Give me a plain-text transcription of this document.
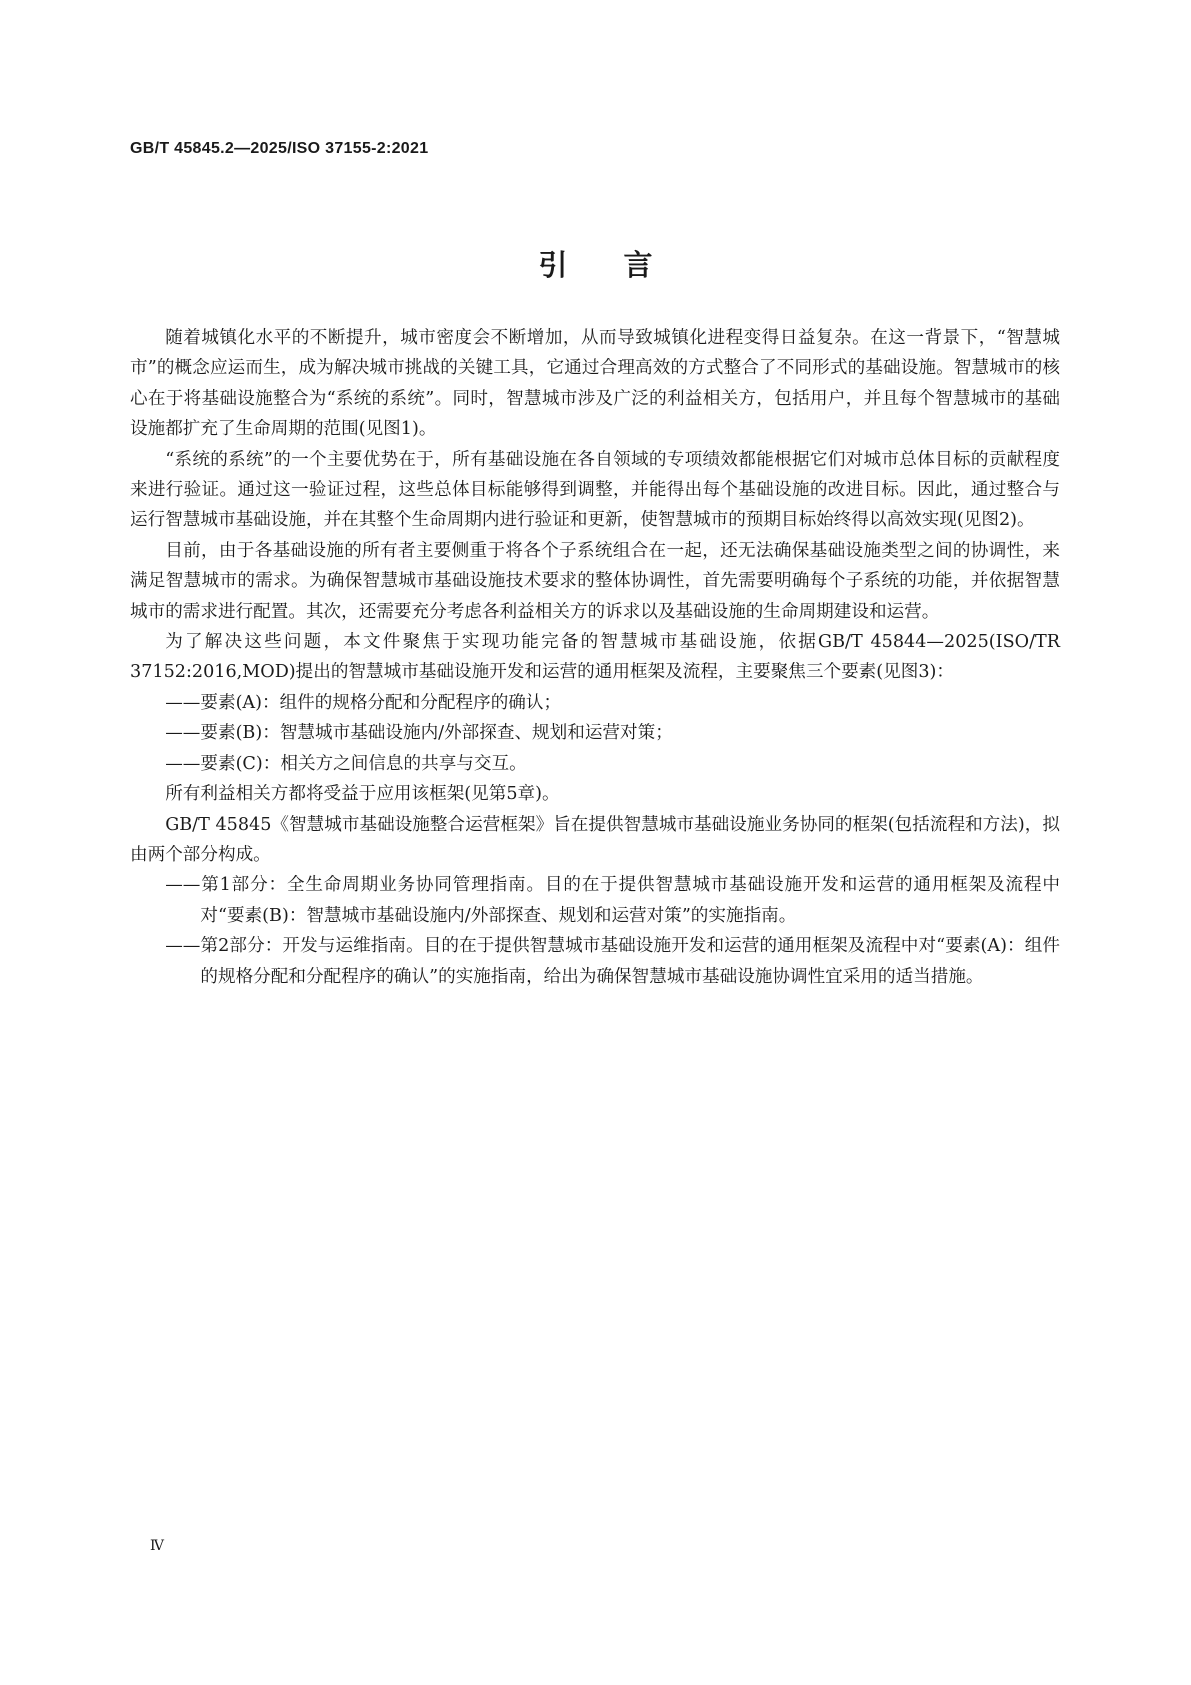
GB/T 45845.2—2025/ISO 37155-2:2021
引言

随着城镇化水平的不断提升，城市密度会不断增加，从而导致城镇化进程变得日益复杂。在这一背景下，“智慧城市”的概念应运而生，成为解决城市挑战的关键工具，它通过合理高效的方式整合了不同形式的基础设施。智慧城市的核心在于将基础设施整合为“系统的系统”。同时，智慧城市涉及广泛的利益相关方，包括用户，并且每个智慧城市的基础设施都扩充了生命周期的范围(见图1)。

“系统的系统”的一个主要优势在于，所有基础设施在各自领域的专项绩效都能根据它们对城市总体目标的贡献程度来进行验证。通过这一验证过程，这些总体目标能够得到调整，并能得出每个基础设施的改进目标。因此，通过整合与运行智慧城市基础设施，并在其整个生命周期内进行验证和更新，使智慧城市的预期目标始终得以高效实现(见图2)。

目前，由于各基础设施的所有者主要侧重于将各个子系统组合在一起，还无法确保基础设施类型之间的协调性，来满足智慧城市的需求。为确保智慧城市基础设施技术要求的整体协调性，首先需要明确每个子系统的功能，并依据智慧城市的需求进行配置。其次，还需要充分考虑各利益相关方的诉求以及基础设施的生命周期建设和运营。

为了解决这些问题，本文件聚焦于实现功能完备的智慧城市基础设施，依据GB/T 45844—2025(ISO/TR 37152:2016,MOD)提出的智慧城市基础设施开发和运营的通用框架及流程，主要聚焦三个要素(见图3)：

——要素(A)：组件的规格分配和分配程序的确认；
——要素(B)：智慧城市基础设施内/外部探查、规划和运营对策；
——要素(C)：相关方之间信息的共享与交互。

所有利益相关方都将受益于应用该框架(见第5章)。

GB/T 45845《智慧城市基础设施整合运营框架》旨在提供智慧城市基础设施业务协同的框架(包括流程和方法)，拟由两个部分构成。

——第1部分：全生命周期业务协同管理指南。目的在于提供智慧城市基础设施开发和运营的通用框架及流程中对“要素(B)：智慧城市基础设施内/外部探查、规划和运营对策”的实施指南。
——第2部分：开发与运维指南。目的在于提供智慧城市基础设施开发和运营的通用框架及流程中对“要素(A)：组件的规格分配和分配程序的确认”的实施指南，给出为确保智慧城市基础设施协调性宜采用的适当措施。
Ⅳ
